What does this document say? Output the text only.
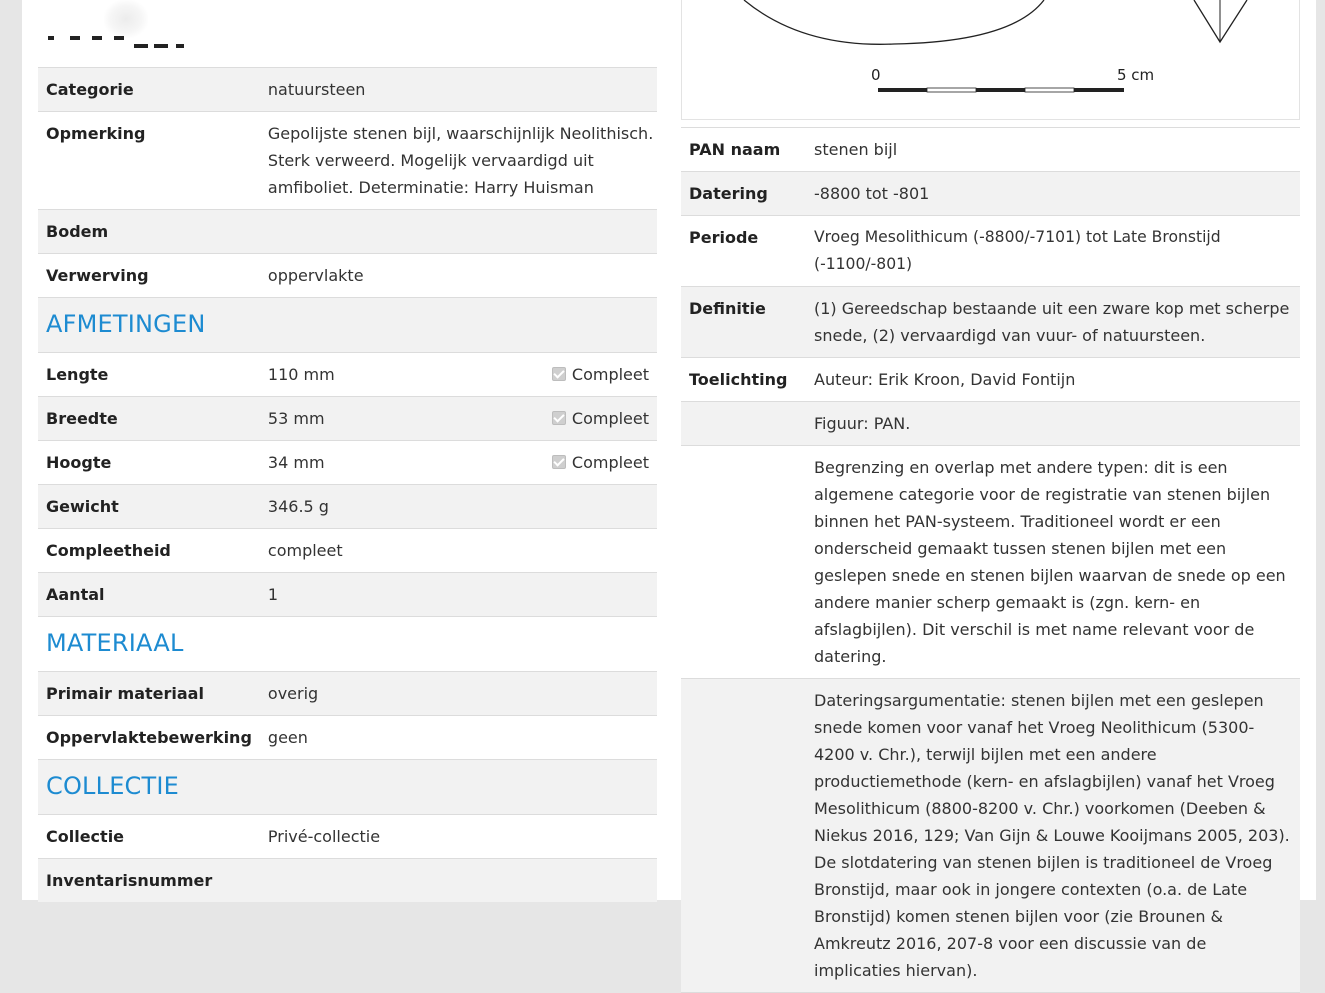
Categorie	natuursteen	
Opmerking	Gepolijste stenen bijl, waarschijnlijk Neolithisch. Sterk verweerd. Mogelijk vervaardigd uit amfiboliet. Determinatie: Harry Huisman	
Bodem		
Verwerving	oppervlakte	

AFMETINGEN		

Lengte	110 mm	Compleet
Breedte	53 mm	Compleet
Hoogte	34 mm	Compleet
Gewicht	346.5 g	
Compleetheid	compleet	
Aantal	1	

MATERIAAL		

Primair materiaal	overig	
Oppervlaktebewerking	geen	

COLLECTIE		

Collectie	Privé-collectie	
Inventarisnummer		
0	5 cm
PAN naam	stenen bijl
Datering	-8800 tot -801
Periode	Vroeg Mesolithicum (-8800/-7101) tot Late Bronstijd (-1100/-801)
Definitie	(1) Gereedschap bestaande uit een zware kop met scherpe snede, (2) vervaardigd van vuur- of natuursteen.
Toelichting	Auteur: Erik Kroon, David Fontijn
	Figuur: PAN.
	Begrenzing en overlap met andere typen: dit is een algemene categorie voor de registratie van stenen bijlen binnen het PAN-systeem. Traditioneel wordt er een onderscheid gemaakt tussen stenen bijlen met een geslepen snede en stenen bijlen waarvan de snede op een andere manier scherp gemaakt is (zgn. kern- en afslagbijlen). Dit verschil is met name relevant voor de datering.
	Dateringsargumentatie: stenen bijlen met een geslepen snede komen voor vanaf het Vroeg Neolithicum (5300-4200 v. Chr.), terwijl bijlen met een andere productiemethode (kern- en afslagbijlen) vanaf het Vroeg Mesolithicum (8800-8200 v. Chr.) voorkomen (Deeben & Niekus 2016, 129; Van Gijn & Louwe Kooijmans 2005, 203). De slotdatering van stenen bijlen is traditioneel de Vroeg Bronstijd, maar ook in jongere contexten (o.a. de Late Bronstijd) komen stenen bijlen voor (zie Brounen & Amkreutz 2016, 207-8 voor een discussie van de implicaties hiervan).
